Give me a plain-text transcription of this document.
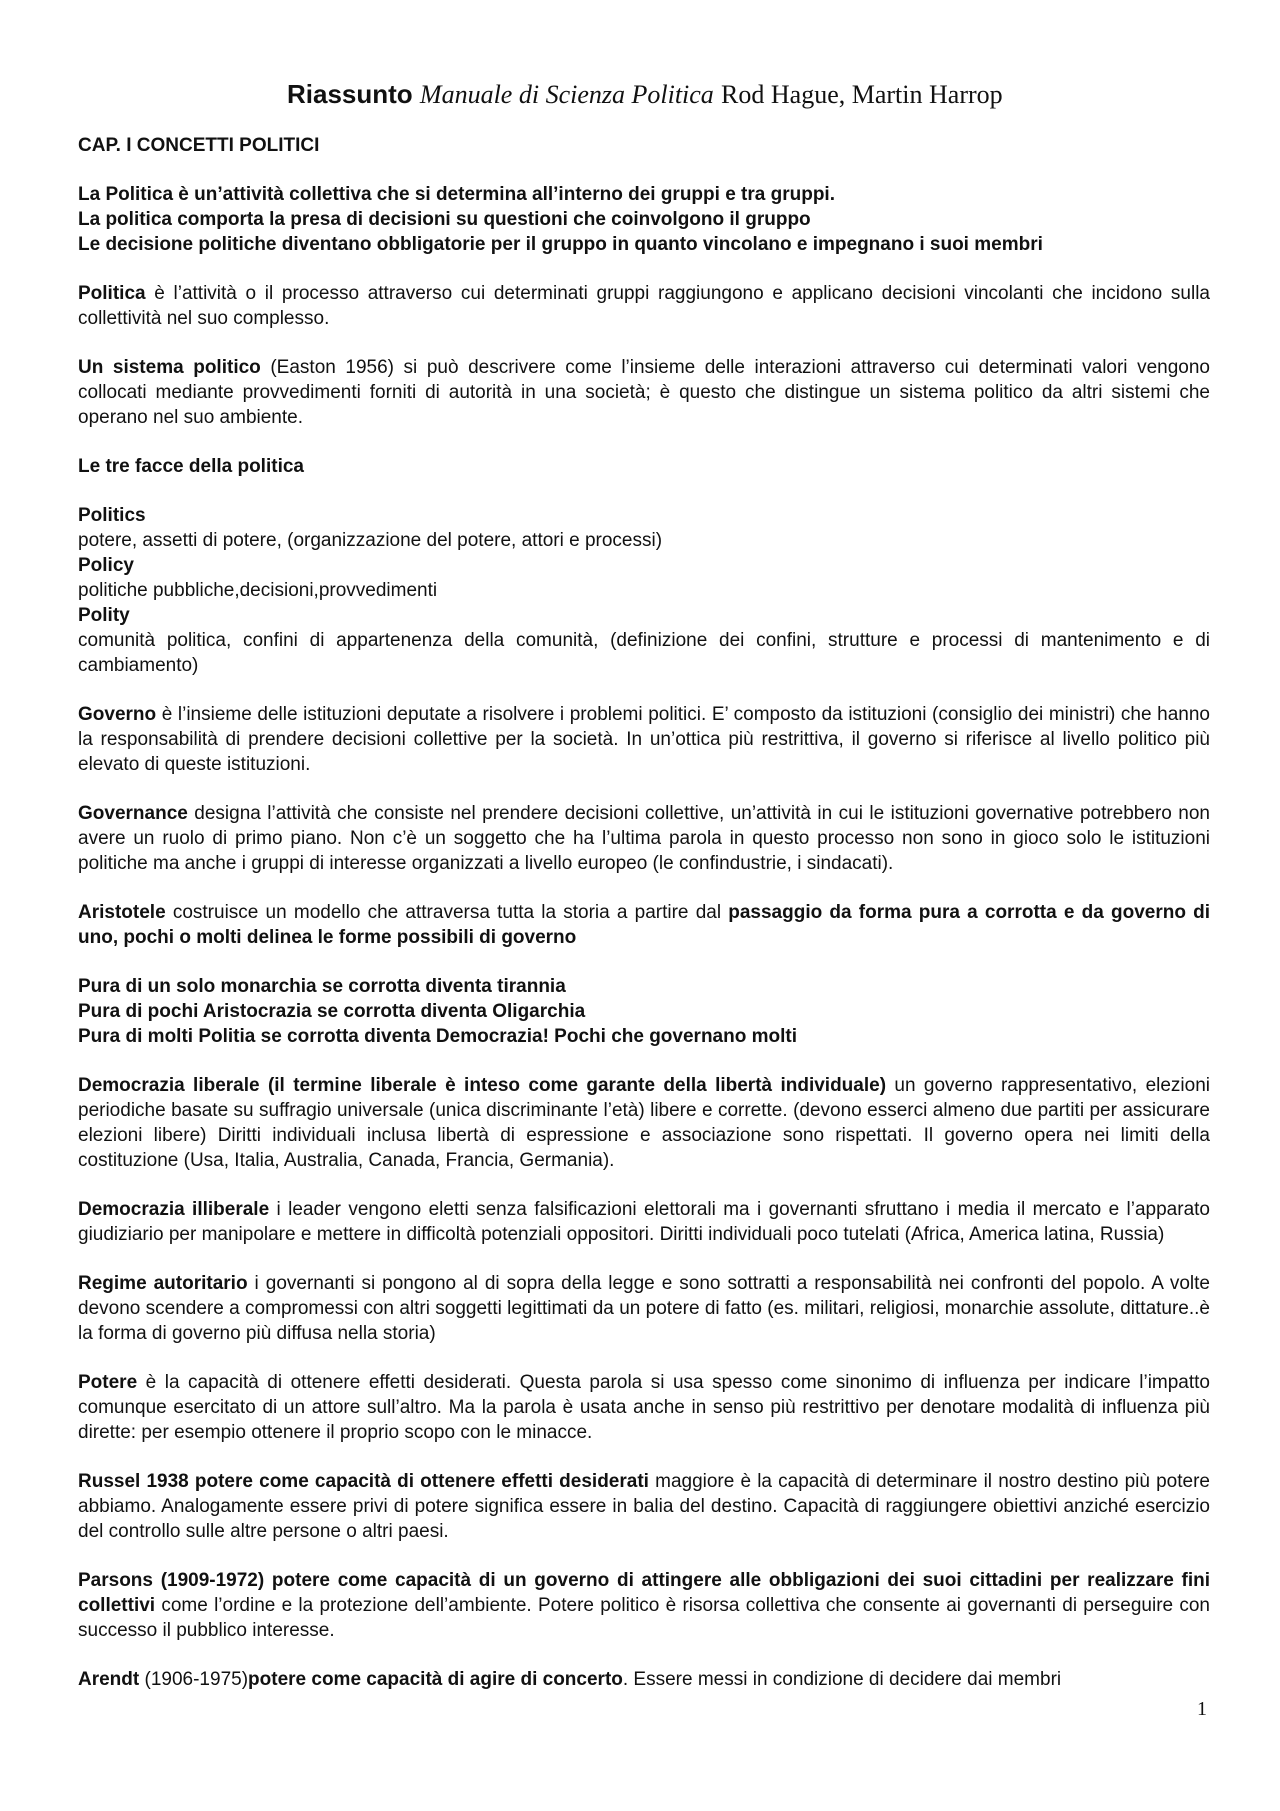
Riassunto Manuale di Scienza Politica Rod Hague, Martin Harrop
CAP. I CONCETTI POLITICI

La Politica è un’attività collettiva che si determina all’interno dei gruppi e tra gruppi.
La politica comporta la presa di decisioni su questioni che coinvolgono il gruppo
Le decisione politiche diventano obbligatorie per il gruppo in quanto vincolano e impegnano i suoi membri

Politica è l’attività o il processo attraverso cui determinati gruppi raggiungono e applicano decisioni vincolanti che incidono sulla collettività nel suo complesso.

Un sistema politico (Easton 1956) si può descrivere come l’insieme delle interazioni attraverso cui determinati valori vengono collocati mediante provvedimenti forniti di autorità in una società; è questo che distingue un sistema politico da altri sistemi che operano nel suo ambiente.

Le tre facce della politica

Politics
potere, assetti di potere, (organizzazione del potere, attori e processi)
Policy
politiche pubbliche,decisioni,provvedimenti
Polity
comunità politica, confini di appartenenza della comunità, (definizione dei confini, strutture e processi di mantenimento e di cambiamento)

Governo è l’insieme delle istituzioni deputate a risolvere i problemi politici. E’ composto da istituzioni (consiglio dei ministri) che hanno la responsabilità di prendere decisioni collettive per la società. In un’ottica più restrittiva, il governo si riferisce al livello politico più elevato di queste istituzioni.

Governance designa l’attività che consiste nel prendere decisioni collettive, un’attività in cui le istituzioni governative potrebbero non avere un ruolo di primo piano. Non c’è un soggetto che ha l’ultima parola in questo processo non sono in gioco solo le istituzioni politiche ma anche i gruppi di interesse organizzati a livello europeo (le confindustrie, i sindacati).

Aristotele costruisce un modello che attraversa tutta la storia a partire dal passaggio da forma pura a corrotta e da governo di uno, pochi o molti delinea le forme possibili di governo

Pura di un solo monarchia se corrotta diventa tirannia
Pura di pochi Aristocrazia se corrotta diventa Oligarchia
Pura di molti Politia se corrotta diventa Democrazia! Pochi che governano molti

Democrazia liberale (il termine liberale è inteso come garante della libertà individuale) un governo rappresentativo, elezioni periodiche basate su suffragio universale (unica discriminante l’età) libere e corrette. (devono esserci almeno due partiti per assicurare elezioni libere) Diritti individuali inclusa libertà di espressione e associazione sono rispettati. Il governo opera nei limiti della costituzione (Usa, Italia, Australia, Canada, Francia, Germania).

Democrazia illiberale i leader vengono eletti senza falsificazioni elettorali ma i governanti sfruttano i media il mercato e l’apparato giudiziario per manipolare e mettere in difficoltà potenziali oppositori. Diritti individuali poco tutelati (Africa, America latina, Russia)

Regime autoritario i governanti si pongono al di sopra della legge e sono sottratti a responsabilità nei confronti del popolo. A volte devono scendere a compromessi con altri soggetti legittimati da un potere di fatto (es. militari, religiosi, monarchie assolute, dittature..è la forma di governo più diffusa nella storia)

Potere è la capacità di ottenere effetti desiderati. Questa parola si usa spesso come sinonimo di influenza per indicare l’impatto comunque esercitato di un attore sull’altro. Ma la parola è usata anche in senso più restrittivo per denotare modalità di influenza più dirette: per esempio ottenere il proprio scopo con le minacce.

Russel 1938 potere come capacità di ottenere effetti desiderati maggiore è la capacità di determinare il nostro destino più potere abbiamo. Analogamente essere privi di potere significa essere in balia del destino. Capacità di raggiungere obiettivi anziché esercizio del controllo sulle altre persone o altri paesi.

Parsons (1909-1972) potere come capacità di un governo di attingere alle obbligazioni dei suoi cittadini per realizzare fini collettivi come l’ordine e la protezione dell’ambiente. Potere politico è risorsa collettiva che consente ai governanti di perseguire con successo il pubblico interesse.

Arendt (1906-1975)potere come capacità di agire di concerto. Essere messi in condizione di decidere dai membri

1
